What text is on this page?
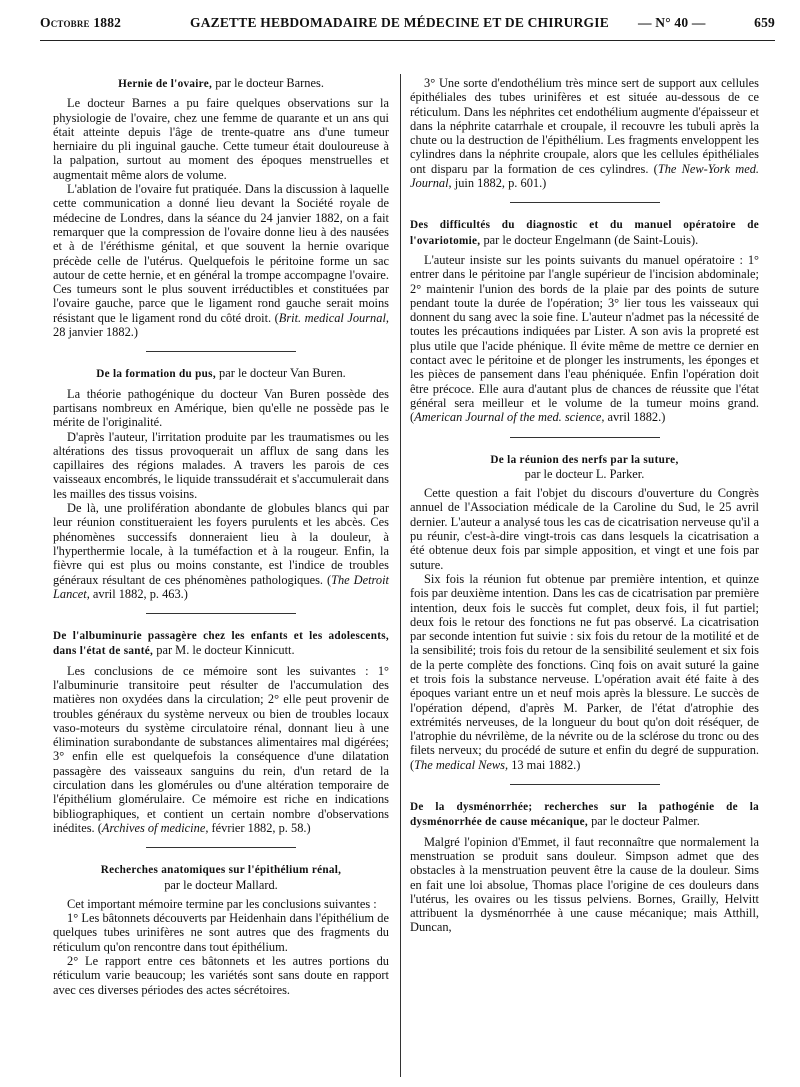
Octobre 1882	GAZETTE HEBDOMADAIRE DE MÉDECINE ET DE CHIRURGIE — N° 40 —	659
Hernie de l'ovaire, par le docteur Barnes.

Le docteur Barnes a pu faire quelques observations sur la physiologie de l'ovaire, chez une femme de quarante et un ans qui était atteinte depuis l'âge de trente-quatre ans d'une tumeur herniaire du pli inguinal gauche. Cette tumeur était douloureuse à la palpation, surtout au moment des époques menstruelles et augmentait même alors de volume.

L'ablation de l'ovaire fut pratiquée. Dans la discussion à laquelle cette communication a donné lieu devant la Société royale de médecine de Londres, dans la séance du 24 janvier 1882, on a fait remarquer que la compression de l'ovaire donne lieu à des nausées et à de l'éréthisme génital, et que souvent la hernie ovarique précède celle de l'utérus. Quelquefois le péritoine forme un sac autour de cette hernie, et en général la trompe accompagne l'ovaire. Ces tumeurs sont le plus souvent irréductibles et constituées par l'ovaire gauche, parce que le ligament rond gauche serait moins résistant que le ligament rond du côté droit. (Brit. medical Journal, 28 janvier 1882.)

De la formation du pus, par le docteur Van Buren.

La théorie pathogénique du docteur Van Buren possède des partisans nombreux en Amérique, bien qu'elle ne possède pas le mérite de l'originalité.

D'après l'auteur, l'irritation produite par les traumatismes ou les altérations des tissus provoquerait un afflux de sang dans les capillaires des régions malades. A travers les parois de ces vaisseaux encombrés, le liquide transsudérait et s'accumulerait dans les mailles des tissus voisins.

De là, une prolifération abondante de globules blancs qui par leur réunion constitueraient les foyers purulents et les abcès. Ces phénomènes successifs donneraient lieu à la douleur, à l'hyperthermie locale, à la tuméfaction et à la rougeur. Enfin, la fièvre qui est plus ou moins constante, est l'indice de troubles généraux résultant de ces phénomènes pathologiques. (The Detroit Lancet, avril 1882, p. 463.)

De l'albuminurie passagère chez les enfants et les adolescents, dans l'état de santé, par M. le docteur Kinnicutt.

Les conclusions de ce mémoire sont les suivantes : 1° l'albuminurie transitoire peut résulter de l'accumulation des matières non oxydées dans la circulation; 2° elle peut provenir de troubles généraux du système nerveux ou bien de troubles locaux vaso-moteurs du système circulatoire rénal, donnant lieu à une élimination surabondante de substances alimentaires mal digérées; 3° enfin elle est quelquefois la conséquence d'une dilatation passagère des vaisseaux sanguins du rein, d'un retard de la circulation dans les glomérules ou d'une altération temporaire de l'épithélium glomérulaire. Ce mémoire est riche en indications bibliographiques, et contient un certain nombre d'observations inédites. (Archives of medicine, février 1882, p. 58.)

Recherches anatomiques sur l'épithélium rénal,
par le docteur Mallard.

Cet important mémoire termine par les conclusions suivantes :

1° Les bâtonnets découverts par Heidenhain dans l'épithélium de quelques tubes urinifères ne sont autres que des fragments du réticulum qu'on rencontre dans tout épithélium.

2° Le rapport entre ces bâtonnets et les autres portions du réticulum varie beaucoup; les variétés sont sans doute en rapport avec ces diverses périodes des actes sécrétoires.

3° Une sorte d'endothélium très mince sert de support aux cellules épithéliales des tubes urinifères et est située au-dessous de ce réticulum. Dans les néphrites cet endothélium augmente d'épaisseur et dans la néphrite catarrhale et croupale, il recouvre les tubuli après la chute ou la destruction de l'épithélium. Les fragments enveloppent les cylindres dans la néphrite croupale, alors que les cellules épithéliales ont disparu par la formation de ces cylindres. (The New-York med. Journal, juin 1882, p. 601.)

Des difficultés du diagnostic et du manuel opératoire de l'ovariotomie, par le docteur Engelmann (de Saint-Louis).

L'auteur insiste sur les points suivants du manuel opératoire : 1° entrer dans le péritoine par l'angle supérieur de l'incision abdominale; 2° maintenir l'union des bords de la plaie par des points de suture pendant toute la durée de l'opération; 3° lier tous les vaisseaux qui donnent du sang avec la soie fine. L'auteur n'admet pas la nécessité de toutes les précautions indiquées par Lister. A son avis la propreté est plus utile que l'acide phénique. Il évite même de mettre ce dernier en contact avec le péritoine et de plonger les instruments, les éponges et les pièces de pansement dans l'eau phéniquée. Enfin l'opération doit être précoce. Elle aura d'autant plus de chances de réussite que l'état général sera meilleur et le volume de la tumeur moins grand. (American Journal of the med. science, avril 1882.)

De la réunion des nerfs par la suture,
par le docteur L. Parker.

Cette question a fait l'objet du discours d'ouverture du Congrès annuel de l'Association médicale de la Caroline du Sud, le 25 avril dernier. L'auteur a analysé tous les cas de cicatrisation nerveuse qu'il a pu réunir, c'est-à-dire vingt-trois cas dans lesquels la cicatrisation a été obtenue deux fois par simple apposition, et vingt et une fois par suture.

Six fois la réunion fut obtenue par première intention, et quinze fois par deuxième intention. Dans les cas de cicatrisation par première intention, deux fois le succès fut complet, deux fois, il fut partiel; deux fois le retour des fonctions ne fut pas observé. La cicatrisation par seconde intention fut suivie : six fois du retour de la motilité et de la sensibilité; trois fois du retour de la sensibilité seulement et six fois de la perte complète des fonctions. Cinq fois on avait suturé la gaine et trois fois la substance nerveuse. L'opération avait été faite à des époques variant entre un et neuf mois après la blessure. Le succès de l'opération dépend, d'après M. Parker, de l'état d'atrophie des extrémités nerveuses, de la longueur du bout qu'on doit réséquer, de l'atrophie du névrilème, de la névrite ou de la sclérose du tronc ou des filets nerveux; du procédé de suture et enfin du degré de suppuration. (The medical News, 13 mai 1882.)

De la dysménorrhée; recherches sur la pathogénie de la dysménorrhée de cause mécanique, par le docteur Palmer.

Malgré l'opinion d'Emmet, il faut reconnaître que normalement la menstruation se produit sans douleur. Simpson admet que des obstacles à la menstruation peuvent être la cause de la douleur. Sims en fait une loi absolue, Thomas place l'origine de ces douleurs dans l'utérus, les ovaires ou les tissus pelviens. Bornes, Grailly, Helvitt attribuent la dysménorrhée à une cause mécanique; mais Atthill, Duncan,
